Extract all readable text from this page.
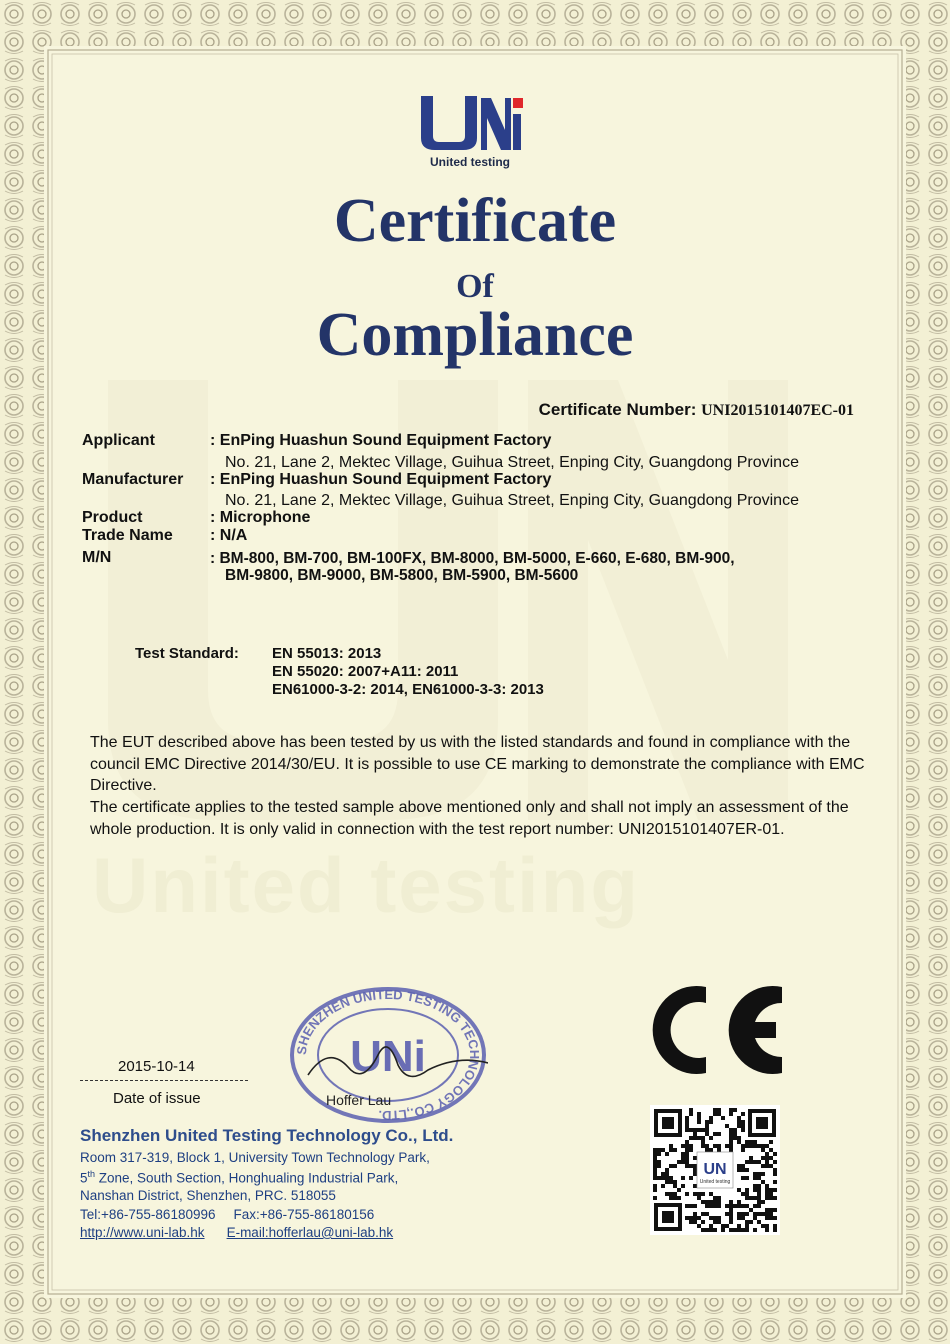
United testing
United testing
Certificate
Of
Compliance
Certificate Number: UNI2015101407EC-01
Applicant	: EnPing Huashun Sound Equipment Factory
No. 21, Lane 2, Mektec Village, Guihua Street, Enping City, Guangdong Province
Manufacturer : EnPing Huashun Sound Equipment Factory
No. 21, Lane 2, Mektec Village, Guihua Street, Enping City, Guangdong Province
Product	: Microphone
Trade Name : N/A
M/N	: BM-800, BM-700, BM-100FX, BM-8000, BM-5000, E-660, E-680, BM-900,
BM-9800, BM-9000, BM-5800, BM-5900, BM-5600
Test Standard: EN 55013: 2013
EN 55020: 2007+A11: 2011
EN61000-3-2: 2014, EN61000-3-3: 2013
The EUT described above has been tested by us with the listed standards and found in compliance with the council EMC Directive 2014/30/EU. It is possible to use CE marking to demonstrate the compliance with EMC Directive.
The certificate applies to the tested sample above mentioned only and shall not imply an assessment of the whole production. It is only valid in connection with the test report number: UNI2015101407ER-01.
2015-10-14
Date of issue
SHENZHEN UNITED TESTING TECHNOLOGY CO.,LTD.
UNi
Hoffer Lau
Shenzhen United Testing Technology Co., Ltd.
Room 317-319, Block 1, University Town Technology Park,
5th Zone, South Section, Honghualing Industrial Park,
Nanshan District, Shenzhen, PRC. 518055
Tel:+86-755-86180996 Fax:+86-755-86180156
http://www.uni-lab.hk E-mail:hofferlau@uni-lab.hk
UN
United testing
